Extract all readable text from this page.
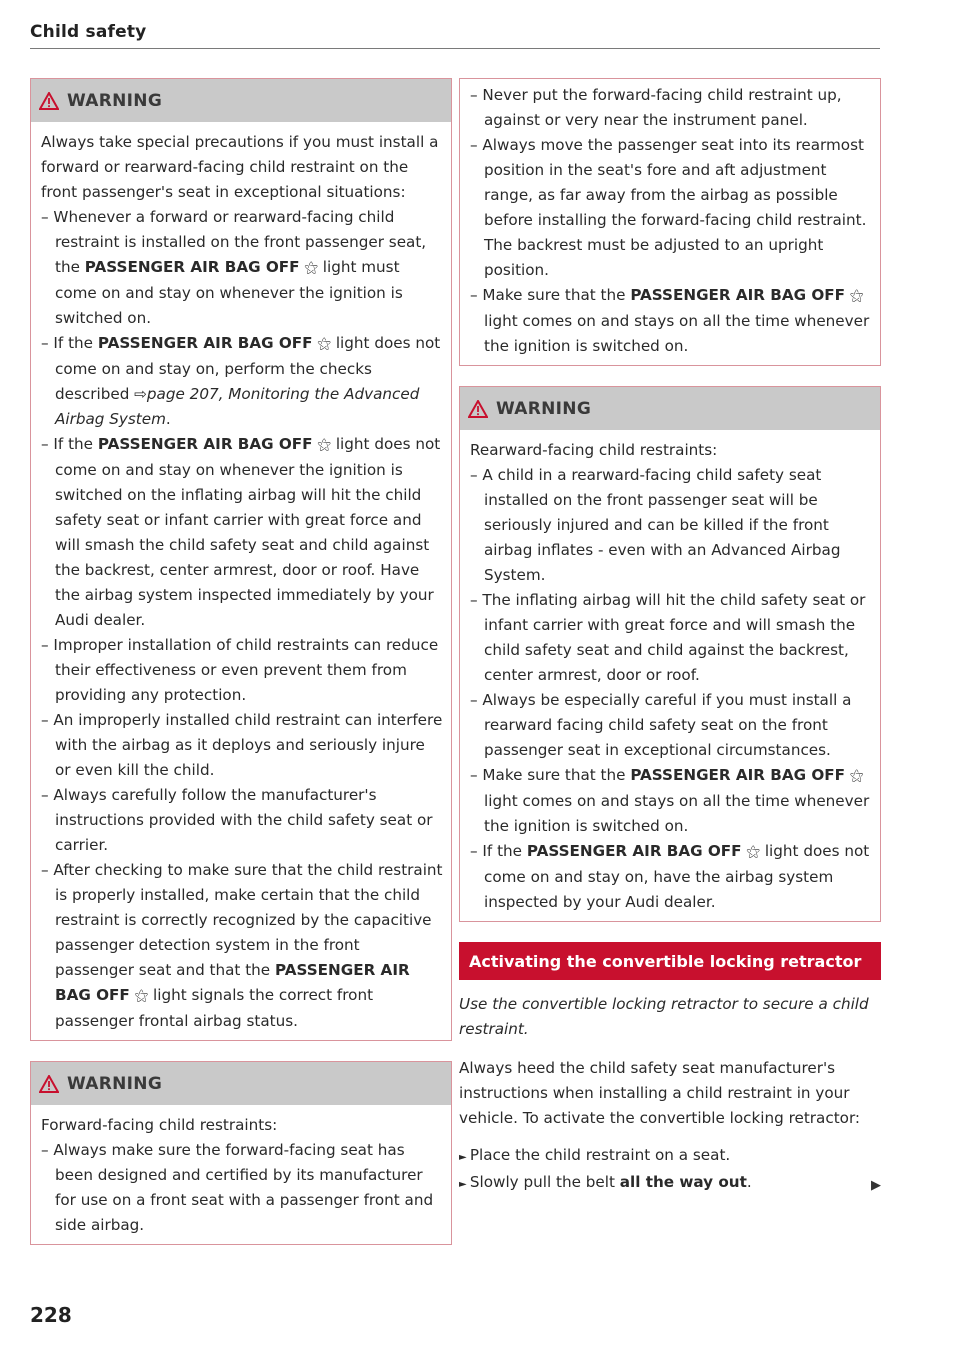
Child safety
WARNING

Always take special precautions if you must install a forward or rearward-facing child restraint on the front passenger's seat in exceptional situations:

– Whenever a forward or rearward-facing child restraint is installed on the front passenger seat, the PASSENGER AIR BAG OFF ⚝ light must come on and stay on whenever the ignition is switched on.

– If the PASSENGER AIR BAG OFF ⚝ light does not come on and stay on, perform the checks described ⇨page 207, Monitoring the Advanced Airbag System.

– If the PASSENGER AIR BAG OFF ⚝ light does not come on and stay on whenever the ignition is switched on the inflating airbag will hit the child safety seat or infant carrier with great force and will smash the child safety seat and child against the backrest, center armrest, door or roof. Have the airbag system inspected immediately by your Audi dealer.

– Improper installation of child restraints can reduce their effectiveness or even prevent them from providing any protection.

– An improperly installed child restraint can interfere with the airbag as it deploys and seriously injure or even kill the child.

– Always carefully follow the manufacturer's instructions provided with the child safety seat or carrier.

– After checking to make sure that the child restraint is properly installed, make certain that the child restraint is correctly recognized by the capacitive passenger detection system in the front passenger seat and that the PASSENGER AIR BAG OFF ⚝ light signals the correct front passenger frontal airbag status.

WARNING

Forward-facing child restraints:

– Always make sure the forward-facing seat has been designed and certified by its manufacturer for use on a front seat with a passenger front and side airbag.

– Never put the forward-facing child restraint up, against or very near the instrument panel.

– Always move the passenger seat into its rearmost position in the seat's fore and aft adjustment range, as far away from the airbag as possible before installing the forward-facing child restraint. The backrest must be adjusted to an upright position.

– Make sure that the PASSENGER AIR BAG OFF ⚝ light comes on and stays on all the time whenever the ignition is switched on.

WARNING

Rearward-facing child restraints:

– A child in a rearward-facing child safety seat installed on the front passenger seat will be seriously injured and can be killed if the front airbag inflates - even with an Advanced Airbag System.

– The inflating airbag will hit the child safety seat or infant carrier with great force and will smash the child safety seat and child against the backrest, center armrest, door or roof.

– Always be especially careful if you must install a rearward facing child safety seat on the front passenger seat in exceptional circumstances.

– Make sure that the PASSENGER AIR BAG OFF ⚝ light comes on and stays on all the time whenever the ignition is switched on.

– If the PASSENGER AIR BAG OFF ⚝ light does not come on and stay on, have the airbag system inspected by your Audi dealer.

Activating the convertible locking retractor

Use the convertible locking retractor to secure a child restraint.

Always heed the child safety seat manufacturer's instructions when installing a child restraint in your vehicle. To activate the convertible locking retractor:

► Place the child restraint on a seat.

► Slowly pull the belt all the way out.	▶
228
